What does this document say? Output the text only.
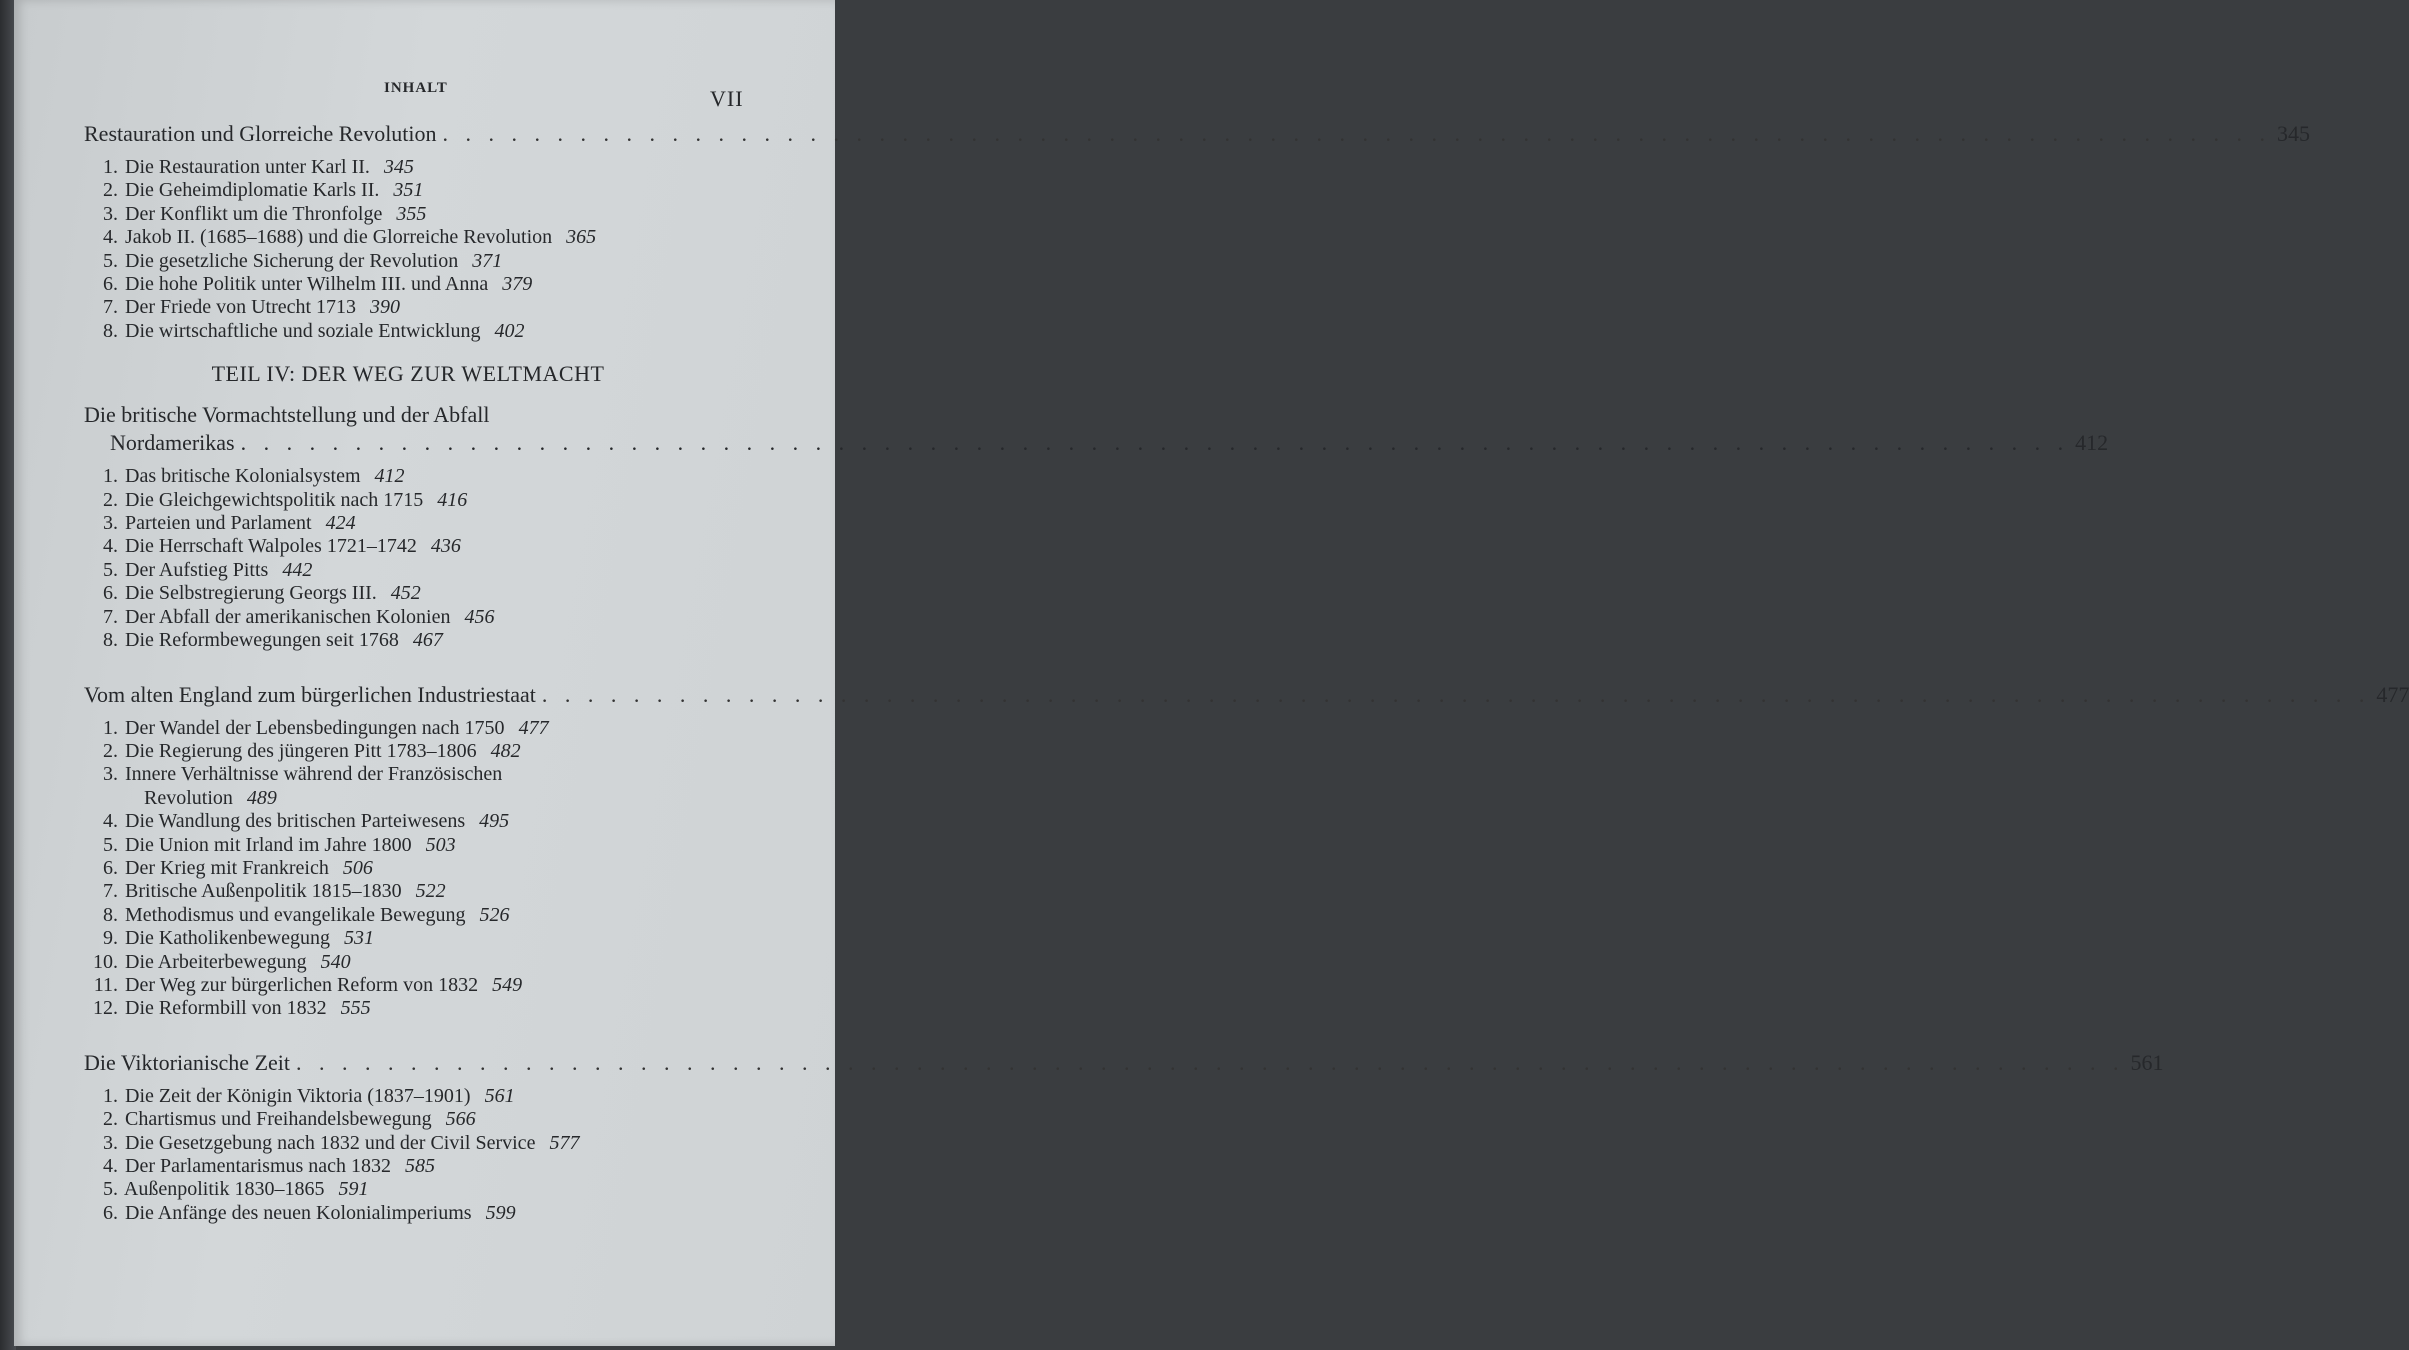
INHALT	VII
Restauration und Glorreiche Revolution . . . . . . . . . . . . . . . . . . . . . . . . . . . . . . . . . . . . . . . . . . . . . . . . . . . . . . . . . . . . . . . . . . . . . . . . . . . . . . . . 345
1. Die Restauration unter Karl II. 345
2. Die Geheimdiplomatie Karls II. 351
3. Der Konflikt um die Thronfolge 355
4. Jakob II. (1685–1688) und die Glorreiche Revolution 365
5. Die gesetzliche Sicherung der Revolution 371
6. Die hohe Politik unter Wilhelm III. und Anna 379
7. Der Friede von Utrecht 1713 390
8. Die wirtschaftliche und soziale Entwicklung 402
TEIL IV: DER WEG ZUR WELTMACHT
Die britische Vormachtstellung und der Abfall
Nordamerikas . . . . . . . . . . . . . . . . . . . . . . . . . . . . . . . . . . . . . . . . . . . . . . . . . . . . . . . . . . . . . . . . . . . . . . . . . . . . . . . . 412
1. Das britische Kolonialsystem 412
2. Die Gleichgewichtspolitik nach 1715 416
3. Parteien und Parlament 424
4. Die Herrschaft Walpoles 1721–1742 436
5. Der Aufstieg Pitts 442
6. Die Selbstregierung Georgs III. 452
7. Der Abfall der amerikanischen Kolonien 456
8. Die Reformbewegungen seit 1768 467
Vom alten England zum bürgerlichen Industriestaat . . . . . . . . . . . . . . . . . . . . . . . . . . . . . . . . . . . . . . . . . . . . . . . . . . . . . . . . . . . . . . . . . . . . . . . . . . . . . . . . 477
1. Der Wandel der Lebensbedingungen nach 1750 477
2. Die Regierung des jüngeren Pitt 1783–1806 482
3. Innere Verhältnisse während der Französischen
Revolution 489
4. Die Wandlung des britischen Parteiwesens 495
5. Die Union mit Irland im Jahre 1800 503
6. Der Krieg mit Frankreich 506
7. Britische Außenpolitik 1815–1830 522
8. Methodismus und evangelikale Bewegung 526
9. Die Katholikenbewegung 531
10. Die Arbeiterbewegung 540
11. Der Weg zur bürgerlichen Reform von 1832 549
12. Die Reformbill von 1832 555
Die Viktorianische Zeit . . . . . . . . . . . . . . . . . . . . . . . . . . . . . . . . . . . . . . . . . . . . . . . . . . . . . . . . . . . . . . . . . . . . . . . . . . . . . . . . 561
1. Die Zeit der Königin Viktoria (1837–1901) 561
2. Chartismus und Freihandelsbewegung 566
3. Die Gesetzgebung nach 1832 und der Civil Service 577
4. Der Parlamentarismus nach 1832 585
5. Außenpolitik 1830–1865 591
6. Die Anfänge des neuen Kolonialimperiums 599
